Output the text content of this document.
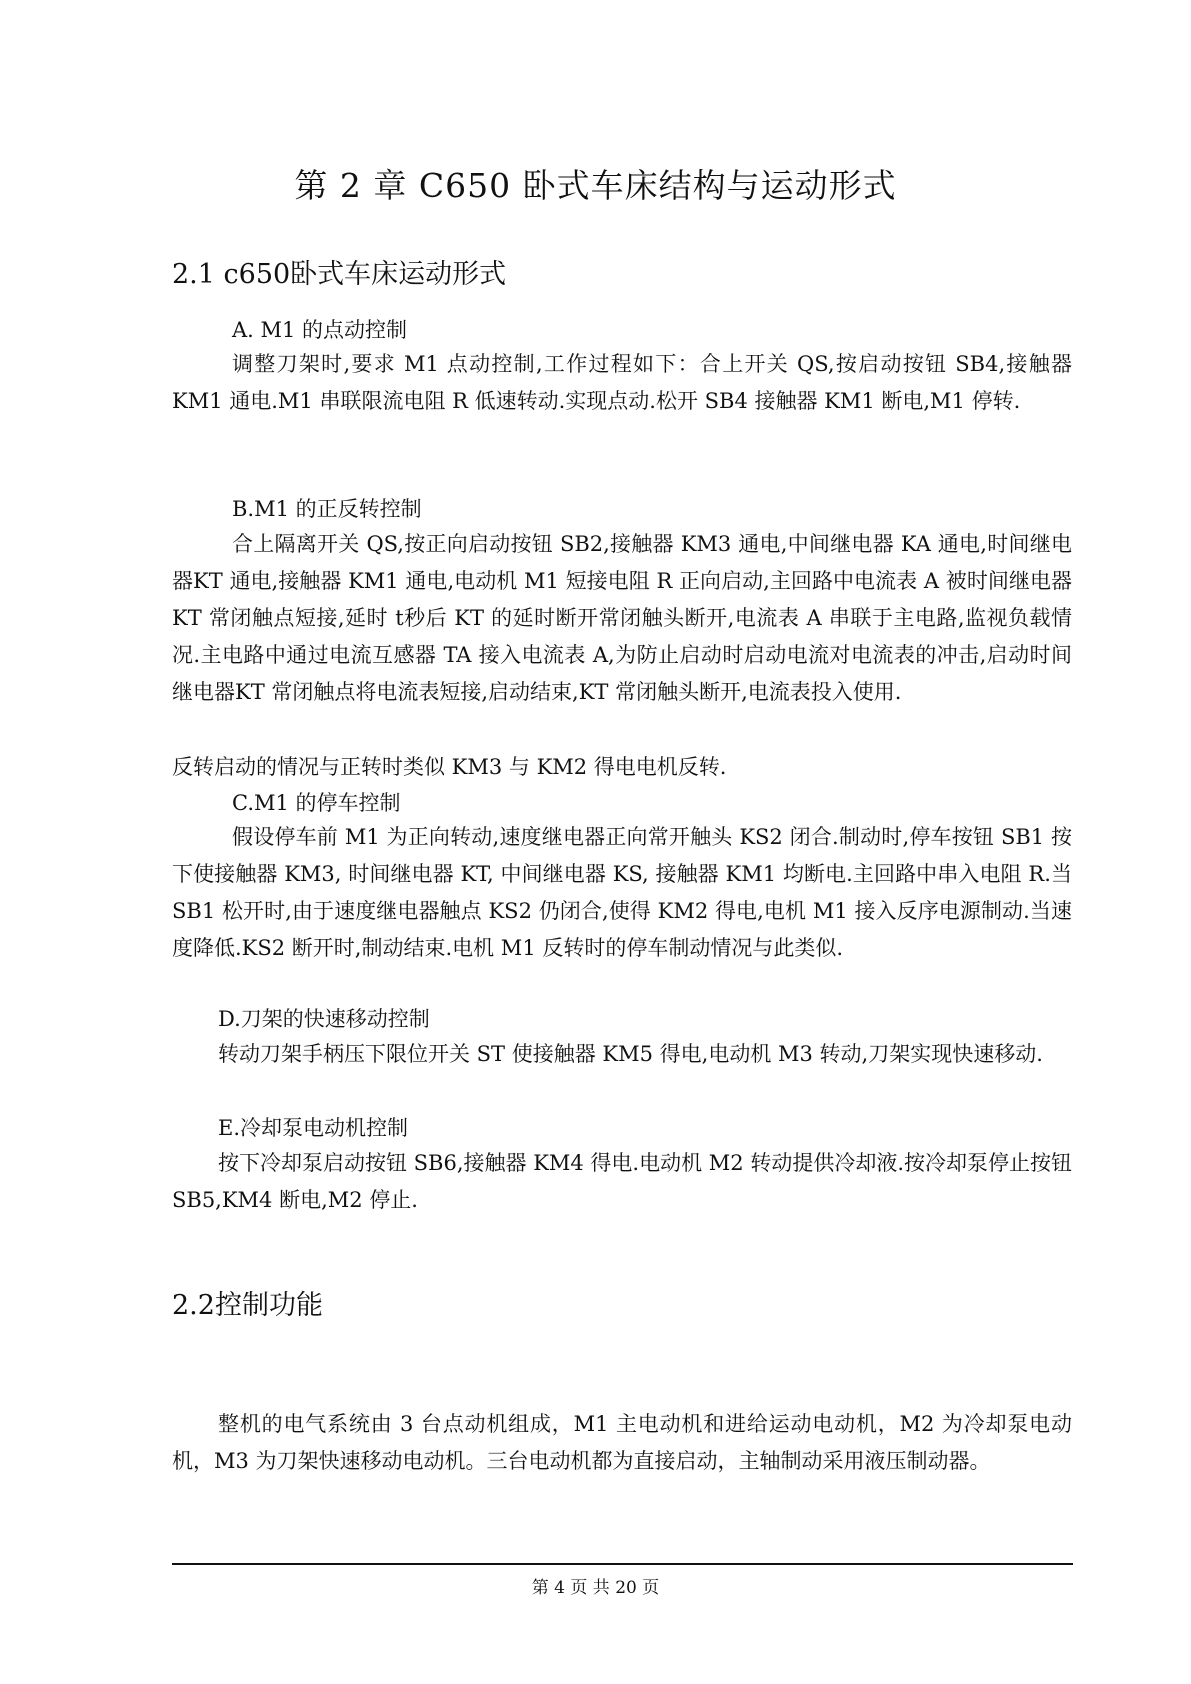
第 2 章 C650 卧式车床结构与运动形式
2.1 c650卧式车床运动形式
A. M1 的点动控制

调整刀架时,要求 M1 点动控制,工作过程如下：合上开关 QS,按启动按钮 SB4,接触器 KM1 通电.M1 串联限流电阻 R 低速转动.实现点动.松开 SB4 接触器 KM1 断电,M1 停转.

B.M1 的正反转控制

合上隔离开关 QS,按正向启动按钮 SB2,接触器 KM3 通电,中间继电器 KA 通电,时间继电器KT 通电,接触器 KM1 通电,电动机 M1 短接电阻 R 正向启动,主回路中电流表 A 被时间继电器KT 常闭触点短接,延时 t秒后 KT 的延时断开常闭触头断开,电流表 A 串联于主电路,监视负载情况.主电路中通过电流互感器 TA 接入电流表 A,为防止启动时启动电流对电流表的冲击,启动时间继电器KT 常闭触点将电流表短接,启动结束,KT 常闭触头断开,电流表投入使用.

反转启动的情况与正转时类似 KM3 与 KM2 得电电机反转.

C.M1 的停车控制

假设停车前 M1 为正向转动,速度继电器正向常开触头 KS2 闭合.制动时,停车按钮 SB1 按下使接触器 KM3, 时间继电器 KT, 中间继电器 KS, 接触器 KM1 均断电.主回路中串入电阻 R.当 SB1 松开时,由于速度继电器触点 KS2 仍闭合,使得 KM2 得电,电机 M1 接入反序电源制动.当速度降低.KS2 断开时,制动结束.电机 M1 反转时的停车制动情况与此类似.

D.刀架的快速移动控制

转动刀架手柄压下限位开关 ST 使接触器 KM5 得电,电动机 M3 转动,刀架实现快速移动.

E.冷却泵电动机控制

按下冷却泵启动按钮 SB6,接触器 KM4 得电.电动机 M2 转动提供冷却液.按冷却泵停止按钮 SB5,KM4 断电,M2 停止.

2.2控制功能

整机的电气系统由 3 台点动机组成，M1 主电动机和进给运动电动机，M2 为冷却泵电动机，M3 为刀架快速移动电动机。三台电动机都为直接启动，主轴制动采用液压制动器。

第 4 页 共 20 页
